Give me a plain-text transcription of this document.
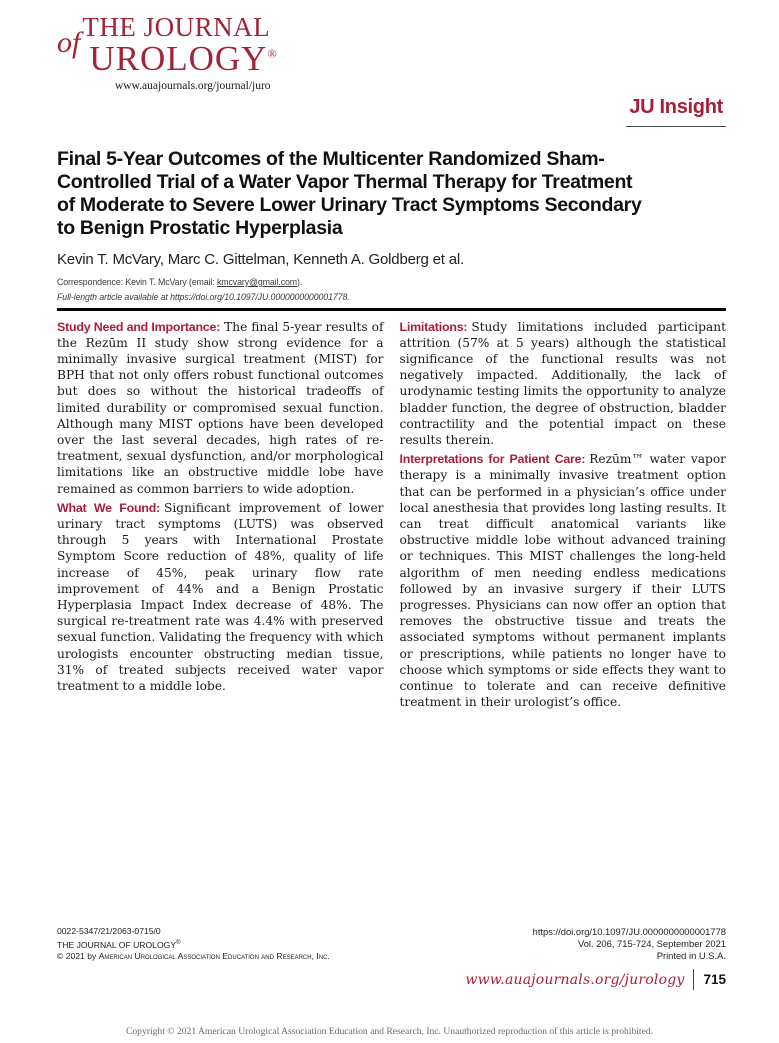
of THE JOURNAL
UROLOGY®
www.auajournals.org/journal/juro
JU Insight
Final 5-Year Outcomes of the Multicenter Randomized Sham-Controlled Trial of a Water Vapor Thermal Therapy for Treatment of Moderate to Severe Lower Urinary Tract Symptoms Secondary to Benign Prostatic Hyperplasia
Kevin T. McVary, Marc C. Gittelman, Kenneth A. Goldberg et al.
Correspondence: Kevin T. McVary (email: kmcvary@gmail.com).
Full-length article available at https://doi.org/10.1097/JU.0000000000001778.

Study Need and Importance: The final 5-year results of the Rezūm II study show strong evidence for a minimally invasive surgical treatment (MIST) for BPH that not only offers robust functional outcomes but does so without the historical tradeoffs of limited durability or compromised sexual function. Although many MIST options have been developed over the last several decades, high rates of re-treatment, sexual dysfunction, and/or morphological limitations like an obstructive middle lobe have remained as common barriers to wide adoption.

What We Found: Significant improvement of lower urinary tract symptoms (LUTS) was observed through 5 years with International Prostate Symptom Score reduction of 48%, quality of life increase of 45%, peak urinary flow rate improvement of 44% and a Benign Prostatic Hyperplasia Impact Index decrease of 48%. The surgical re-treatment rate was 4.4% with preserved sexual function. Validating the frequency with which urologists encounter obstructing median tissue, 31% of treated subjects received water vapor treatment to a middle lobe.

Limitations: Study limitations included participant attrition (57% at 5 years) although the statistical significance of the functional results was not negatively impacted. Additionally, the lack of urodynamic testing limits the opportunity to analyze bladder function, the degree of obstruction, bladder contractility and the potential impact on these results therein.

Interpretations for Patient Care: Rezūm™ water vapor therapy is a minimally invasive treatment option that can be performed in a physician’s office under local anesthesia that provides long lasting results. It can treat difficult anatomical variants like obstructive middle lobe without advanced training or techniques. This MIST challenges the long-held algorithm of men needing endless medications followed by an invasive surgery if their LUTS progresses. Physicians can now offer an option that removes the obstructive tissue and treats the associated symptoms without permanent implants or prescriptions, while patients no longer have to choose which symptoms or side effects they want to continue to tolerate and can receive definitive treatment in their urologist’s office.

0022-5347/21/2063-0715/0
THE JOURNAL OF UROLOGY®
© 2021 by American Urological Association Education and Research, Inc.
https://doi.org/10.1097/JU.0000000000001778
Vol. 206, 715-724, September 2021
Printed in U.S.A.
www.auajournals.org/jurology 715
Copyright © 2021 American Urological Association Education and Research, Inc. Unauthorized reproduction of this article is prohibited.
